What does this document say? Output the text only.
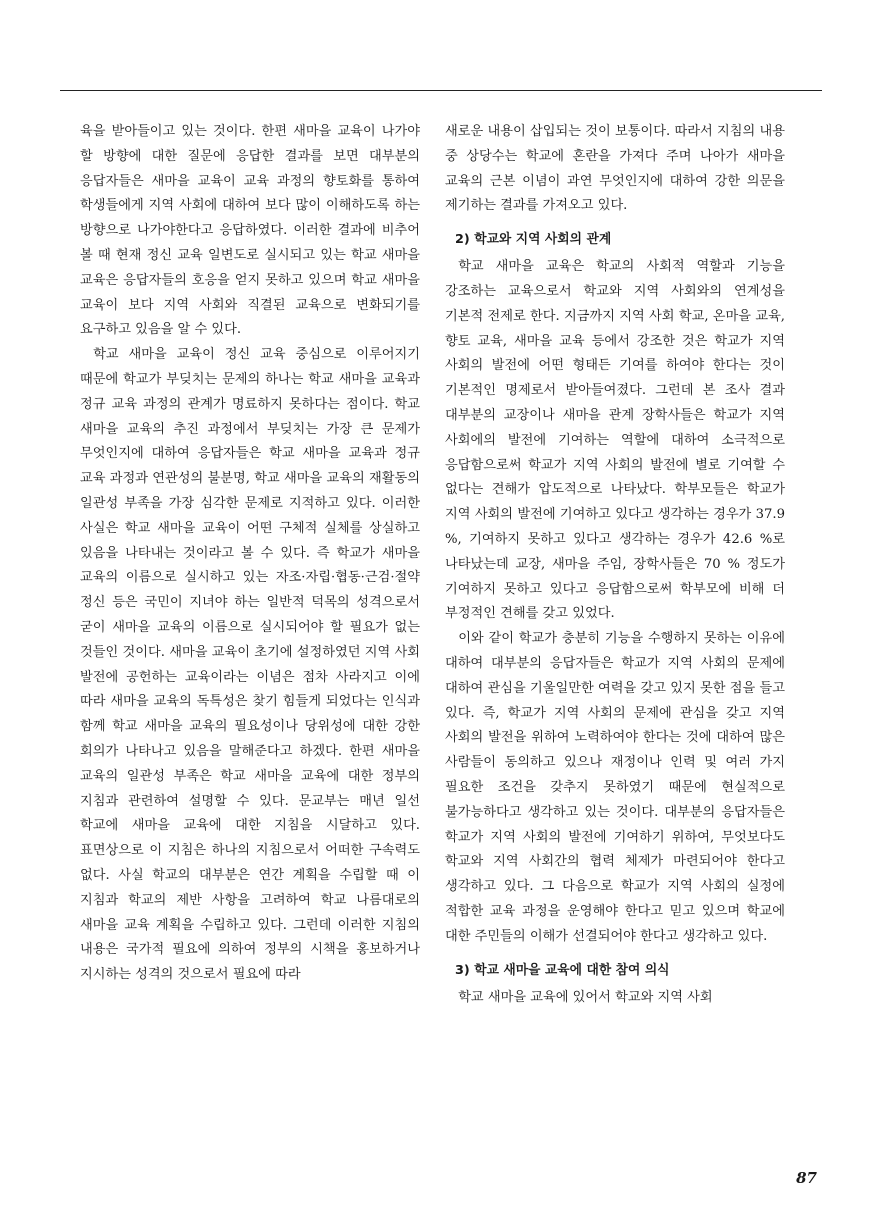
육을 받아들이고 있는 것이다. 한편 새마을 교육이 나가야 할 방향에 대한 질문에 응답한 결과를 보면 대부분의 응답자들은 새마을 교육이 교육 과정의 향토화를 통하여 학생들에게 지역 사회에 대하여 보다 많이 이해하도록 하는 방향으로 나가야한다고 응답하였다. 이러한 결과에 비추어 볼 때 현재 정신 교육 일변도로 실시되고 있는 학교 새마을 교육은 응답자들의 호응을 얻지 못하고 있으며 학교 새마을 교육이 보다 지역 사회와 직결된 교육으로 변화되기를 요구하고 있음을 알 수 있다.

학교 새마을 교육이 정신 교육 중심으로 이루어지기 때문에 학교가 부딪치는 문제의 하나는 학교 새마을 교육과 정규 교육 과정의 관계가 명료하지 못하다는 점이다. 학교 새마을 교육의 추진 과정에서 부딪치는 가장 큰 문제가 무엇인지에 대하여 응답자들은 학교 새마을 교육과 정규 교육 과정과 연관성의 불분명, 학교 새마을 교육의 재활동의 일관성 부족을 가장 심각한 문제로 지적하고 있다. 이러한 사실은 학교 새마을 교육이 어떤 구체적 실체를 상실하고 있음을 나타내는 것이라고 볼 수 있다. 즉 학교가 새마을 교육의 이름으로 실시하고 있는 자조·자립·협동·근검·절약 정신 등은 국민이 지녀야 하는 일반적 덕목의 성격으로서 굳이 새마을 교육의 이름으로 실시되어야 할 필요가 없는 것들인 것이다. 새마을 교육이 초기에 설정하였던 지역 사회 발전에 공헌하는 교육이라는 이념은 점차 사라지고 이에 따라 새마을 교육의 독특성은 찾기 힘들게 되었다는 인식과 함께 학교 새마을 교육의 필요성이나 당위성에 대한 강한 회의가 나타나고 있음을 말해준다고 하겠다. 한편 새마을 교육의 일관성 부족은 학교 새마을 교육에 대한 정부의 지침과 관련하여 설명할 수 있다. 문교부는 매년 일선 학교에 새마을 교육에 대한 지침을 시달하고 있다. 표면상으로 이 지침은 하나의 지침으로서 어떠한 구속력도 없다. 사실 학교의 대부분은 연간 계획을 수립할 때 이 지침과 학교의 제반 사항을 고려하여 학교 나름대로의 새마을 교육 계획을 수립하고 있다. 그런데 이러한 지침의 내용은 국가적 필요에 의하여 정부의 시책을 홍보하거나 지시하는 성격의 것으로서 필요에 따라

새로운 내용이 삽입되는 것이 보통이다. 따라서 지침의 내용 중 상당수는 학교에 혼란을 가져다 주며 나아가 새마을 교육의 근본 이념이 과연 무엇인지에 대하여 강한 의문을 제기하는 결과를 가져오고 있다.

2) 학교와 지역 사회의 관계

학교 새마을 교육은 학교의 사회적 역할과 기능을 강조하는 교육으로서 학교와 지역 사회와의 연계성을 기본적 전제로 한다. 지금까지 지역 사회 학교, 온마을 교육, 향토 교육, 새마을 교육 등에서 강조한 것은 학교가 지역 사회의 발전에 어떤 형태든 기여를 하여야 한다는 것이 기본적인 명제로서 받아들여졌다. 그런데 본 조사 결과 대부분의 교장이나 새마을 관계 장학사들은 학교가 지역 사회에의 발전에 기여하는 역할에 대하여 소극적으로 응답함으로써 학교가 지역 사회의 발전에 별로 기여할 수 없다는 견해가 압도적으로 나타났다. 학부모들은 학교가 지역 사회의 발전에 기여하고 있다고 생각하는 경우가 37.9 %, 기여하지 못하고 있다고 생각하는 경우가 42.6 %로 나타났는데 교장, 새마을 주임, 장학사들은 70 % 정도가 기여하지 못하고 있다고 응답함으로써 학부모에 비해 더 부정적인 견해를 갖고 있었다.

이와 같이 학교가 충분히 기능을 수행하지 못하는 이유에 대하여 대부분의 응답자들은 학교가 지역 사회의 문제에 대하여 관심을 기울일만한 여력을 갖고 있지 못한 점을 들고 있다. 즉, 학교가 지역 사회의 문제에 관심을 갖고 지역 사회의 발전을 위하여 노력하여야 한다는 것에 대하여 많은 사람들이 동의하고 있으나 재정이나 인력 및 여러 가지 필요한 조건을 갖추지 못하였기 때문에 현실적으로 불가능하다고 생각하고 있는 것이다. 대부분의 응답자들은 학교가 지역 사회의 발전에 기여하기 위하여, 무엇보다도 학교와 지역 사회간의 협력 체제가 마련되어야 한다고 생각하고 있다. 그 다음으로 학교가 지역 사회의 실정에 적합한 교육 과정을 운영해야 한다고 믿고 있으며 학교에 대한 주민들의 이해가 선결되어야 한다고 생각하고 있다.

3) 학교 새마을 교육에 대한 참여 의식

학교 새마을 교육에 있어서 학교와 지역 사회

87
